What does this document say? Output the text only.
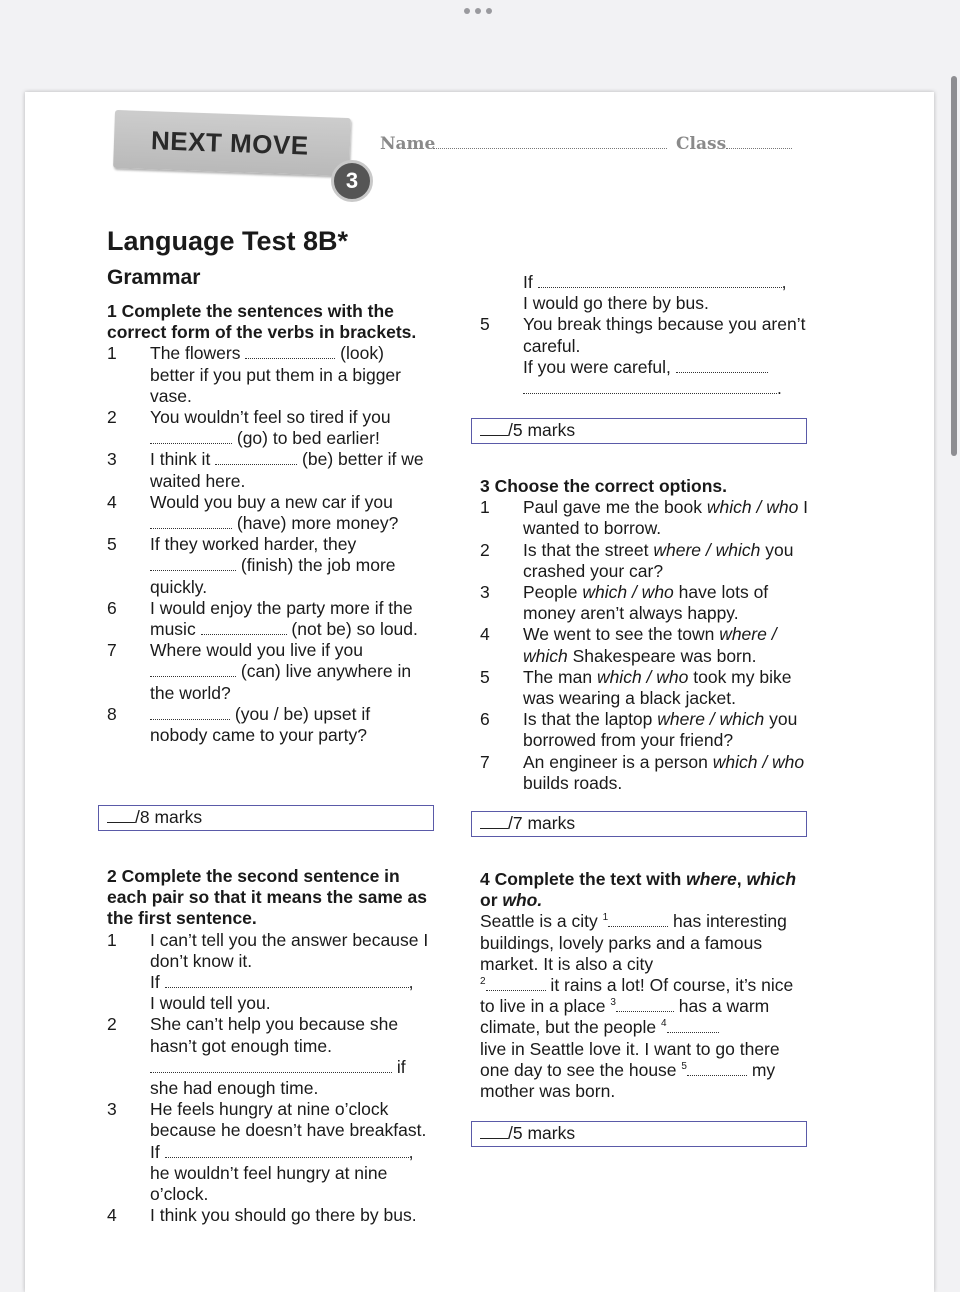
NEXT MOVE
3
Name	Class
Language Test 8B*
Grammar

1 Complete the sentences with the correct form of the verbs in brackets.

1	The flowers	(look) better if you put them in a bigger vase.
2	You wouldn’t feel so tired if you  (go) to bed earlier!
3	I think it	(be) better if we waited here.
4	Would you buy a new car if you  (have) more money?
5	If they worked harder, they  (finish) the job more quickly.
6	I would enjoy the party more if the music	(not be) so loud.
7	Where would you live if you  (can) live anywhere in the world?
8	(you / be) upset if nobody came to your party?
/8 marks

2 Complete the second sentence in each pair so that it means the same as the first sentence.

1	I can’t tell you the answer because I don’t know it.
If	,
I would tell you.
2	She can’t help you because she hasn’t got enough time.
if
she had enough time.
3	He feels hungry at nine o’clock because he doesn’t have breakfast.
If	,
he wouldn’t feel hungry at nine o’clock.
4	I think you should go there by bus.
If	,
I would go there by bus.
5	You break things because you aren’t careful.
If you were careful,
.
/5 marks

3 Choose the correct options.

1	Paul gave me the book which / who I wanted to borrow.
2	Is that the street where / which you crashed your car?
3	People which / who have lots of money aren’t always happy.
4	We went to see the town where / which Shakespeare was born.
5	The man which / who took my bike was wearing a black jacket.
6	Is that the laptop where / which you borrowed from your friend?
7	An engineer is a person which / who builds roads.
/7 marks

4 Complete the text with where, which or who.

Seattle is a city $^1$	has interesting buildings, lovely parks and a famous market. It is also a city
$^2$	it rains a lot! Of course, it’s nice to live in a place $^3$	has a warm climate, but the people $^4$
live in Seattle love it. I want to go there one day to see the house $^5$	my mother was born.

/5 marks
